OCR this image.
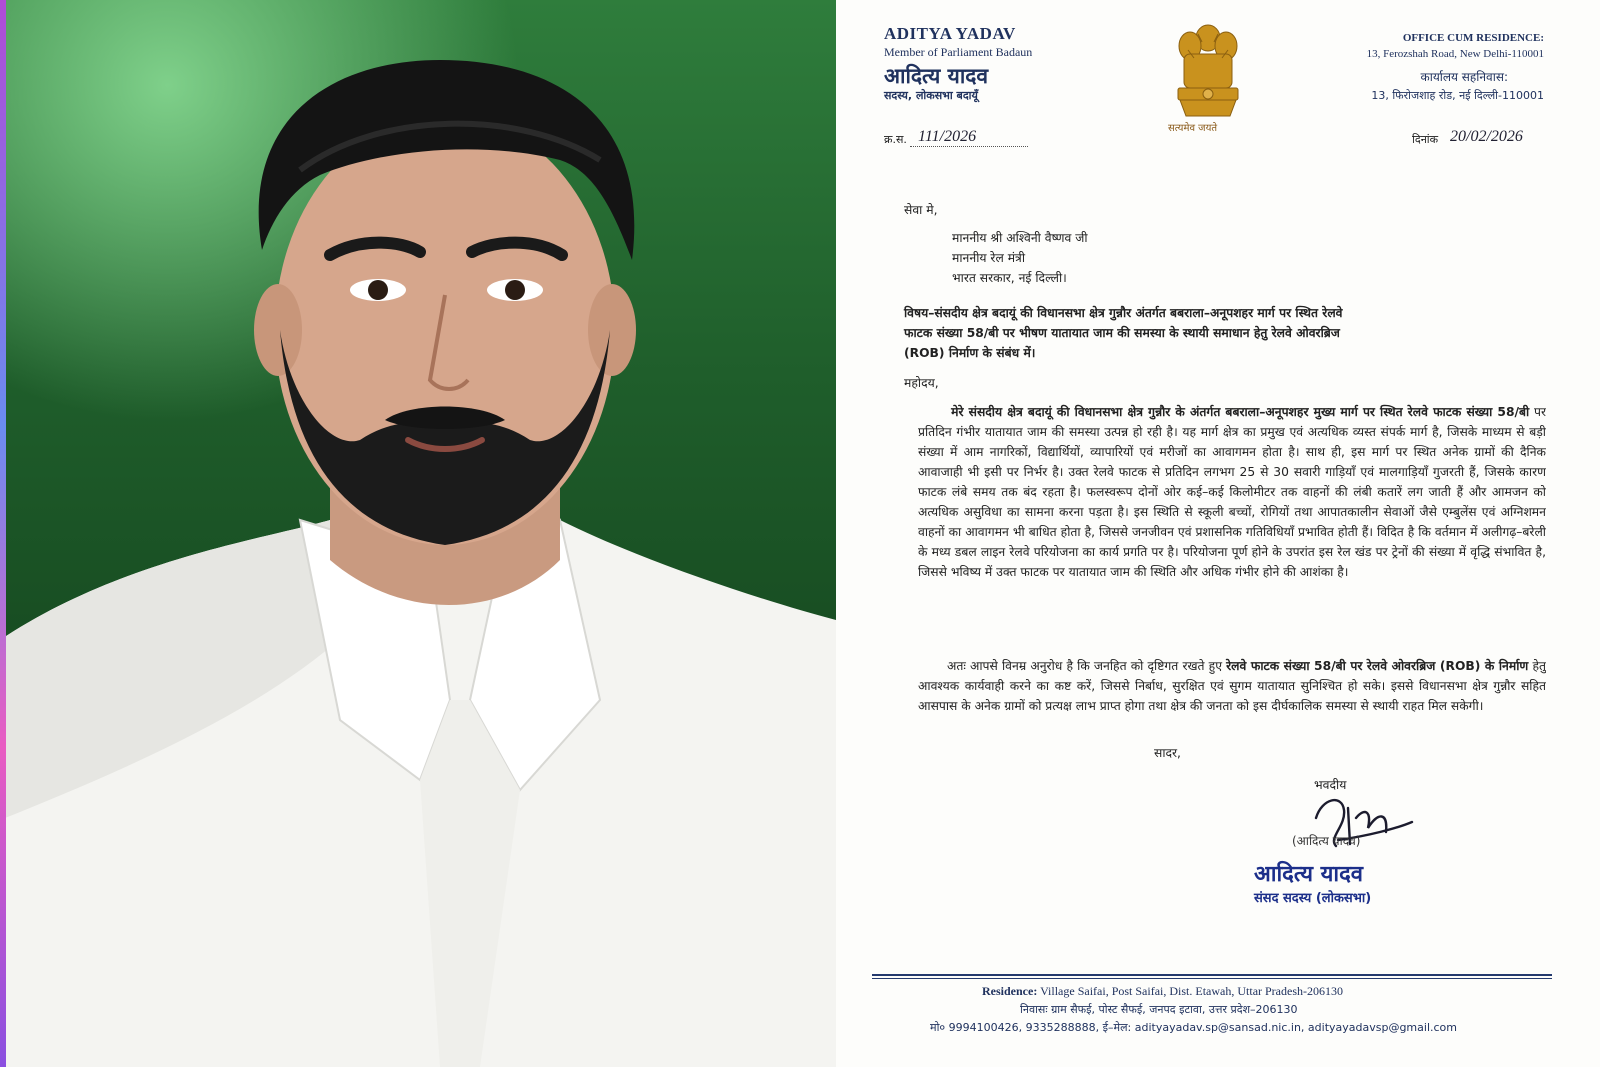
ADITYA YADAV
Member of Parliament Badaun
आदित्य यादव
सदस्य, लोकसभा बदायूँ
सत्यमेव जयते
OFFICE CUM RESIDENCE:
13, Ferozshah Road, New Delhi-110001
कार्यालय सहनिवास:
13, फिरोजशाह रोड, नई दिल्ली-110001
क्र.स. 111/2026	दिनांक 20/02/2026
सेवा मे,
माननीय श्री अश्विनी वैष्णव जी
माननीय रेल मंत्री
भारत सरकार, नई दिल्ली।
विषय–संसदीय क्षेत्र बदायूं की विधानसभा क्षेत्र गुन्नौर अंतर्गत बबराला–अनूपशहर मार्ग पर स्थित रेलवे
फाटक संख्या 58/बी पर भीषण यातायात जाम की समस्या के स्थायी समाधान हेतु रेलवे ओवरब्रिज
(ROB) निर्माण के संबंध में।
महोदय,
मेरे संसदीय क्षेत्र बदायूं की विधानसभा क्षेत्र गुन्नौर के अंतर्गत बबराला–अनूपशहर मुख्य मार्ग पर स्थित रेलवे फाटक संख्या 58/बी पर प्रतिदिन गंभीर यातायात जाम की समस्या उत्पन्न हो रही है। यह मार्ग क्षेत्र का प्रमुख एवं अत्यधिक व्यस्त संपर्क मार्ग है, जिसके माध्यम से बड़ी संख्या में आम नागरिकों, विद्यार्थियों, व्यापारियों एवं मरीजों का आवागमन होता है। साथ ही, इस मार्ग पर स्थित अनेक ग्रामों की दैनिक आवाजाही भी इसी पर निर्भर है। उक्त रेलवे फाटक से प्रतिदिन लगभग 25 से 30 सवारी गाड़ियाँ एवं मालगाड़ियाँ गुजरती हैं, जिसके कारण फाटक लंबे समय तक बंद रहता है। फलस्वरूप दोनों ओर कई–कई किलोमीटर तक वाहनों की लंबी कतारें लग जाती हैं और आमजन को अत्यधिक असुविधा का सामना करना पड़ता है। इस स्थिति से स्कूली बच्चों, रोगियों तथा आपातकालीन सेवाओं जैसे एम्बुलेंस एवं अग्निशमन वाहनों का आवागमन भी बाधित होता है, जिससे जनजीवन एवं प्रशासनिक गतिविधियाँ प्रभावित होती हैं। विदित है कि वर्तमान में अलीगढ़–बरेली के मध्य डबल लाइन रेलवे परियोजना का कार्य प्रगति पर है। परियोजना पूर्ण होने के उपरांत इस रेल खंड पर ट्रेनों की संख्या में वृद्धि संभावित है, जिससे भविष्य में उक्त फाटक पर यातायात जाम की स्थिति और अधिक गंभीर होने की आशंका है।
अतः आपसे विनम्र अनुरोध है कि जनहित को दृष्टिगत रखते हुए रेलवे फाटक संख्या 58/बी पर रेलवे ओवरब्रिज (ROB) के निर्माण हेतु आवश्यक कार्यवाही करने का कष्ट करें, जिससे निर्बाध, सुरक्षित एवं सुगम यातायात सुनिश्चित हो सके। इससे विधानसभा क्षेत्र गुन्नौर सहित आसपास के अनेक ग्रामों को प्रत्यक्ष लाभ प्राप्त होगा तथा क्षेत्र की जनता को इस दीर्घकालिक समस्या से स्थायी राहत मिल सकेगी।
सादर,
भवदीय
(आदित्य यादव)
आदित्य यादव
संसद सदस्य (लोकसभा)
Residence: Village Saifai, Post Saifai, Dist. Etawah, Uttar Pradesh-206130
निवासः ग्राम सैफई, पोस्ट सैफई, जनपद इटावा, उत्तर प्रदेश–206130
मो० 9994100426, 9335288888, ई–मेल: adityayadav.sp@sansad.nic.in, adityayadavsp@gmail.com
